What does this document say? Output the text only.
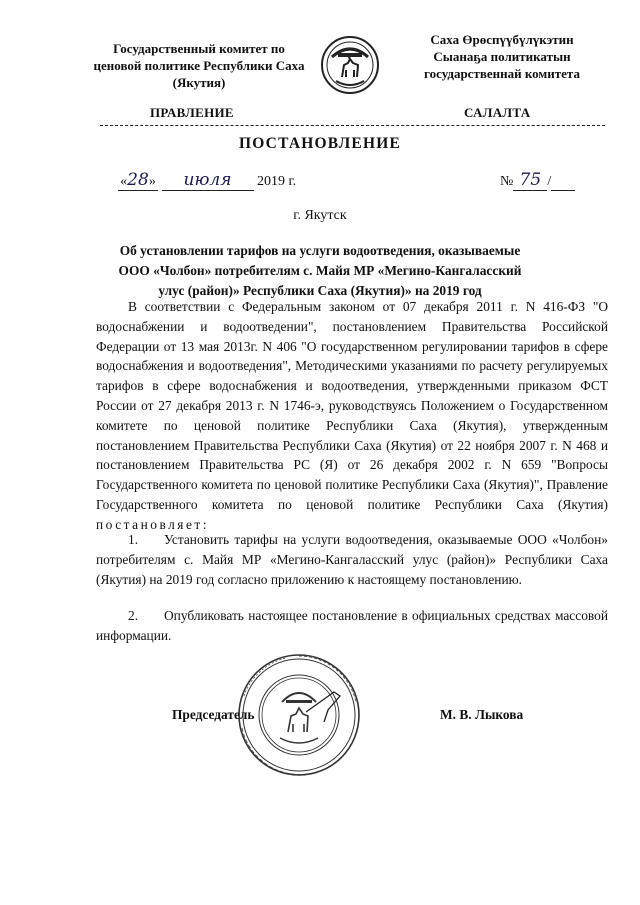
Государственный комитет по ценовой политике Республики Саха (Якутия)
Саха Өрөспүүбүлүкэтин Сыанаҕа политикатын государственнай комитета
ПРАВЛЕНИЕ	САЛАЛТА
ПОСТАНОВЛЕНИЕ
«28» июля 2019 г.	№ 75 /
г. Якутск
Об установлении тарифов на услуги водоотведения, оказываемые ООО «Чолбон» потребителям с. Майя МР «Мегино-Кангаласский улус (район)» Республики Саха (Якутия)» на 2019 год
В соответствии с Федеральным законом от 07 декабря 2011 г. N 416-ФЗ "О водоснабжении и водоотведении", постановлением Правительства Российской Федерации от 13 мая 2013г. N 406 "О государственном регулировании тарифов в сфере водоснабжения и водоотведения", Методическими указаниями по расчету регулируемых тарифов в сфере водоснабжения и водоотведения, утвержденными приказом ФСТ России от 27 декабря 2013 г. N 1746-э, руководствуясь Положением о Государственном комитете по ценовой политике Республики Саха (Якутия), утвержденным постановлением Правительства Республики Саха (Якутия) от 22 ноября 2007 г. N 468 и постановлением Правительства РС (Я) от 26 декабря 2002 г. N 659 "Вопросы Государственного комитета по ценовой политике Республики Саха (Якутия)", Правление Государственного комитета по ценовой политике Республики Саха (Якутия) постановляет:
1. Установить тарифы на услуги водоотведения, оказываемые ООО «Чолбон» потребителям с. Майя МР «Мегино-Кангаласский улус (район)» Республики Саха (Якутия) на 2019 год согласно приложению к настоящему постановлению.
2. Опубликовать настоящее постановление в официальных средствах массовой информации.
Председатель	М. В. Лыкова
